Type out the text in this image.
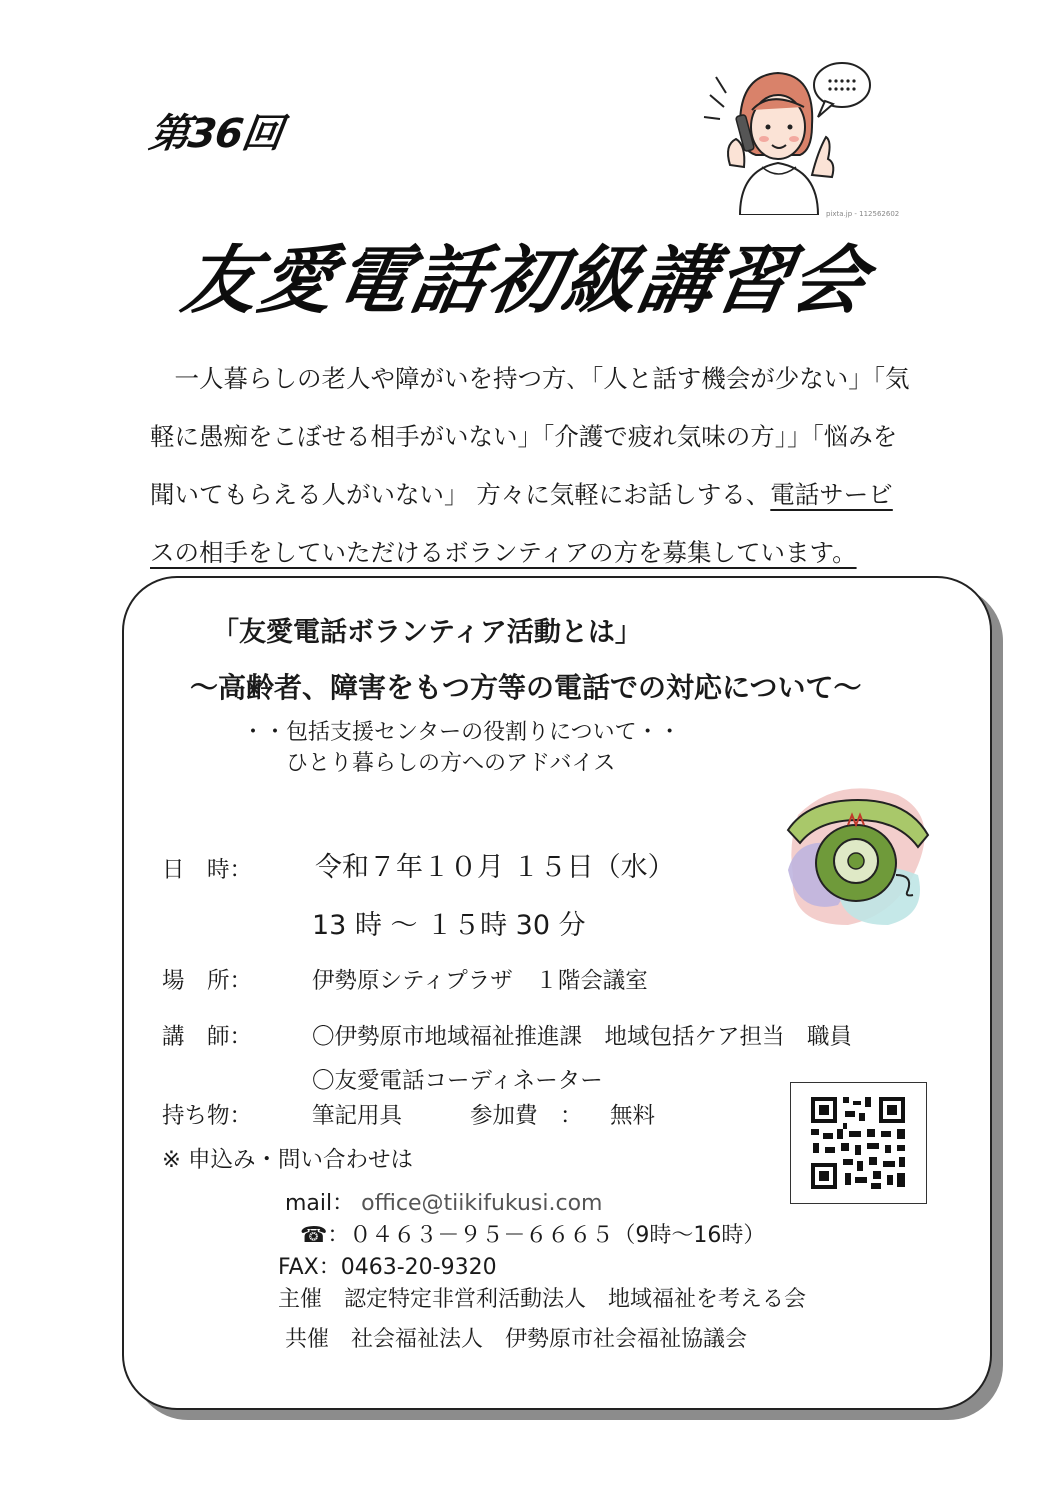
第36回
友愛電話初級講習会
pixta.jp - 112562602

　一人暮らしの老人や障がいを持つ方､「人と話す機会が少ない」「気

軽に愚痴をこぼせる相手がいない」「介護で疲れ気味の方」」「悩みを

聞いてもらえる人がいない」 方々に気軽にお話しする、電話サービ

スの相手をしていただけるボランティアの方を募集しています。

「友愛電話ボランティア活動とは」
～高齢者、障害をもつ方等の電話での対応について～
・・包括支援センターの役割りについて・・
ひとり暮らしの方へのアドバイス
日　時： 令和７年１０月 １５日（水）
13 時 ～ １５時 30 分
場　所：	伊勢原シティプラザ　１階会議室
講　師：	〇伊勢原市地域福祉推進課　地域包括ケア担当　職員
〇友愛電話コーディネーター
持ち物：	筆記用具	参加費　： 無料
※ 申込み・問い合わせは
mail： office@tiikifukusi.com
☎：０４６３－９５－６６６５（9時～16時）
FAX：0463-20-9320
主催　認定特定非営利活動法人　地域福祉を考える会
共催　社会福祉法人　伊勢原市社会福祉協議会
